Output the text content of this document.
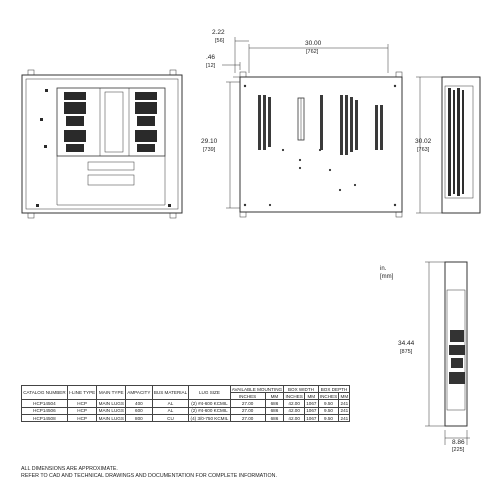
2.22
[56]	30.00
[762]
.46
[12]
29.10
[739]
30.02
[763]
34.44
[875]
8.86
[225]
in.
[mm]
CATALOG NUMBER	I-LINE TYPE	MAIN TYPE	AMPACITY	BUS MATERIAL	LUG SIZE	AVAILABLE MOUNTING		BOX WIDTH		BOX DEPTH	
						INCHES	MM	INCHES	MM	INCHES	MM
HCP14504	HCP	MAIN LUGS	400	AL	(2) #4-600 KCMIL	27.00	686	42.00	1067	9.50	241
HCP14506	HCP	MAIN LUGS	600	AL	(2) #4-600 KCMIL	27.00	686	42.00	1067	9.50	241
HCP14508	HCP	MAIN LUGS	800	CU	(4) 3/0-750 KCMIL	27.00	686	42.00	1067	9.50	241
ALL DIMENSIONS ARE APPROXIMATE.
REFER TO CAD AND TECHNICAL DRAWINGS AND DOCUMENTATION FOR COMPLETE INFORMATION.
